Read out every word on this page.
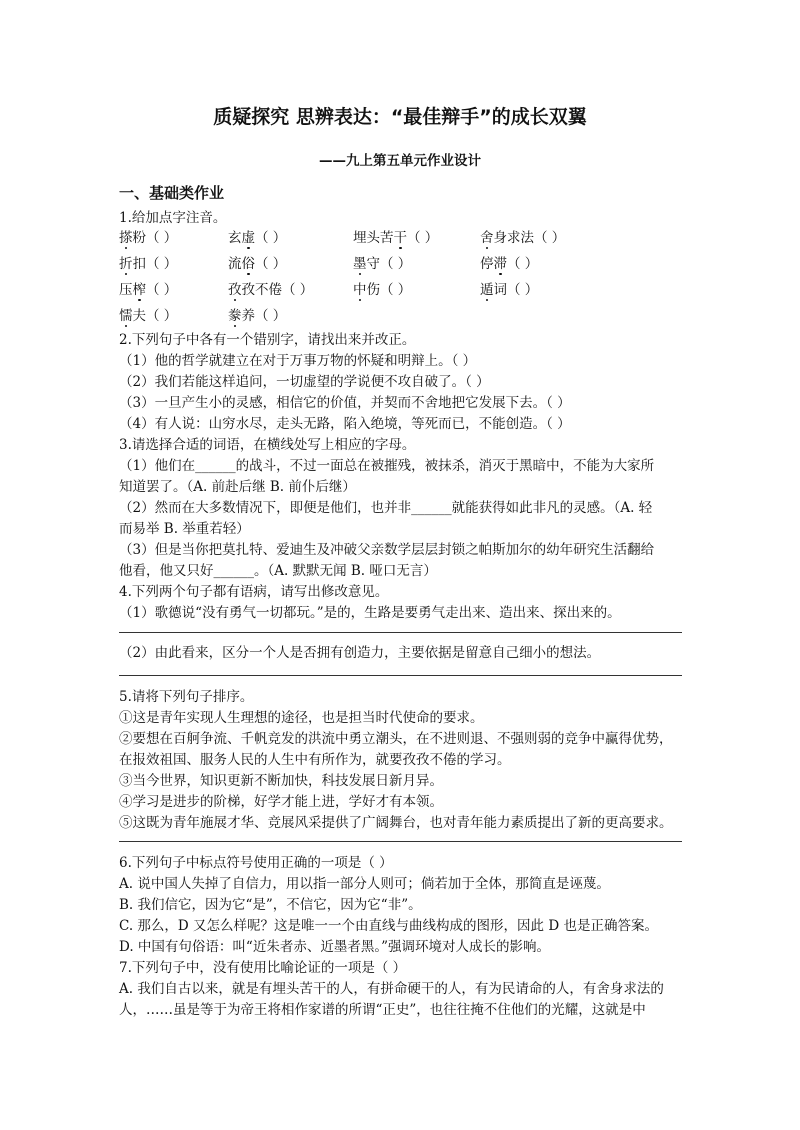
质疑探究 思辨表达：“最佳辩手”的成长双翼
——九上第五单元作业设计
一、基础类作业
1.给加点字注音。
搽粉（ ）	玄虚（ ）	埋头苦干（ ）	舍身求法（ ）
折扣（ ）	流俗（ ）	墨守（ ）	停滞（ ）
压榨（ ）	孜孜不倦（ ）	中伤（ ）	遁词（ ）
懦夫（ ）	豢养（ ）
2.下列句子中各有一个错别字，请找出来并改正。
（1）他的哲学就建立在对于万事万物的怀疑和明辩上。（ ）
（2）我们若能这样追问，一切虚望的学说便不攻自破了。（ ）
（3）一旦产生小的灵感，相信它的价值，并契而不舍地把它发展下去。（ ）
（4）有人说：山穷水尽，走头无路，陷入绝境，等死而已，不能创造。（ ）
3.请选择合适的词语，在横线处写上相应的字母。
（1）他们在______的战斗，不过一面总在被摧残，被抹杀，消灭于黑暗中，不能为大家所
知道罢了。（A. 前赴后继 B. 前仆后继）
（2）然而在大多数情况下，即便是他们，也并非______就能获得如此非凡的灵感。（A. 轻
而易举 B. 举重若轻）
（3）但是当你把莫扎特、爱迪生及冲破父亲数学层层封锁之帕斯加尔的幼年研究生活翻给
他看，他又只好______。（A. 默默无闻 B. 哑口无言）
4.下列两个句子都有语病，请写出修改意见。
（1）歌德说“没有勇气一切都玩。”是的，生路是要勇气走出来、造出来、探出来的。
（2）由此看来，区分一个人是否拥有创造力，主要依据是留意自己细小的想法。
5.请将下列句子排序。
①这是青年实现人生理想的途径，也是担当时代使命的要求。
②要想在百舸争流、千帆竞发的洪流中勇立潮头，在不进则退、不强则弱的竞争中赢得优势，
在报效祖国、服务人民的人生中有所作为，就要孜孜不倦的学习。
③当今世界，知识更新不断加快，科技发展日新月异。
④学习是进步的阶梯，好学才能上进，学好才有本领。
⑤这既为青年施展才华、竞展风采提供了广阔舞台，也对青年能力素质提出了新的更高要求。
6.下列句子中标点符号使用正确的一项是（ ）
A. 说中国人失掉了自信力，用以指一部分人则可；倘若加于全体，那简直是诬蔑。
B. 我们信它，因为它“是”，不信它，因为它“非”。
C. 那么，D 又怎么样呢？这是唯一一个由直线与曲线构成的图形，因此 D 也是正确答案。
D. 中国有句俗语：叫“近朱者赤、近墨者黑。”强调环境对人成长的影响。
7.下列句子中，没有使用比喻论证的一项是（ ）
A. 我们自古以来，就是有埋头苦干的人，有拼命硬干的人，有为民请命的人，有舍身求法的
人，……虽是等于为帝王将相作家谱的所谓“正史”，也往往掩不住他们的光耀，这就是中
